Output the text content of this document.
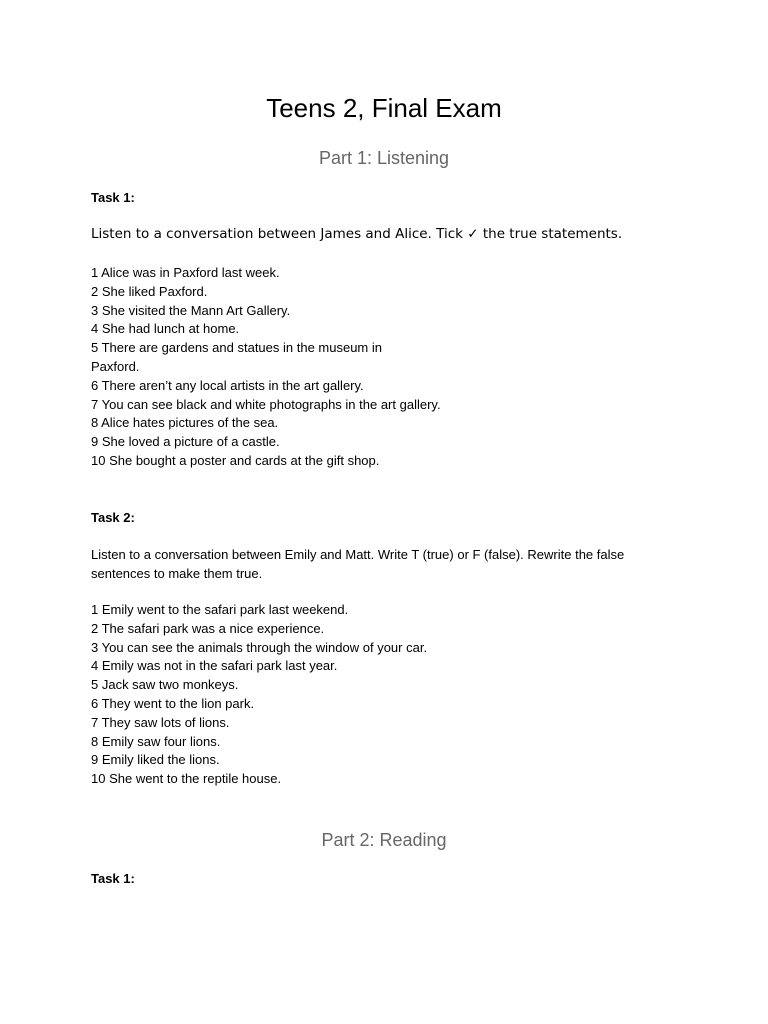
Teens 2, Final Exam
Part 1: Listening

Task 1:

Listen to a conversation between James and Alice. Tick ✓ the true statements.

1 Alice was in Paxford last week.
2 She liked Paxford.
3 She visited the Mann Art Gallery.
4 She had lunch at home.
5 There are gardens and statues in the museum in Paxford.
6 There aren’t any local artists in the art gallery.
7 You can see black and white photographs in the art gallery.
8 Alice hates pictures of the sea.
9 She loved a picture of a castle.
10 She bought a poster and cards at the gift shop.

Task 2:

Listen to a conversation between Emily and Matt. Write T (true) or F (false). Rewrite the false sentences to make them true.

1 Emily went to the safari park last weekend.
2 The safari park was a nice experience.
3 You can see the animals through the window of your car.
4 Emily was not in the safari park last year.
5 Jack saw two monkeys.
6 They went to the lion park.
7 They saw lots of lions.
8 Emily saw four lions.
9 Emily liked the lions.
10 She went to the reptile house.
Part 2: Reading

Task 1:
